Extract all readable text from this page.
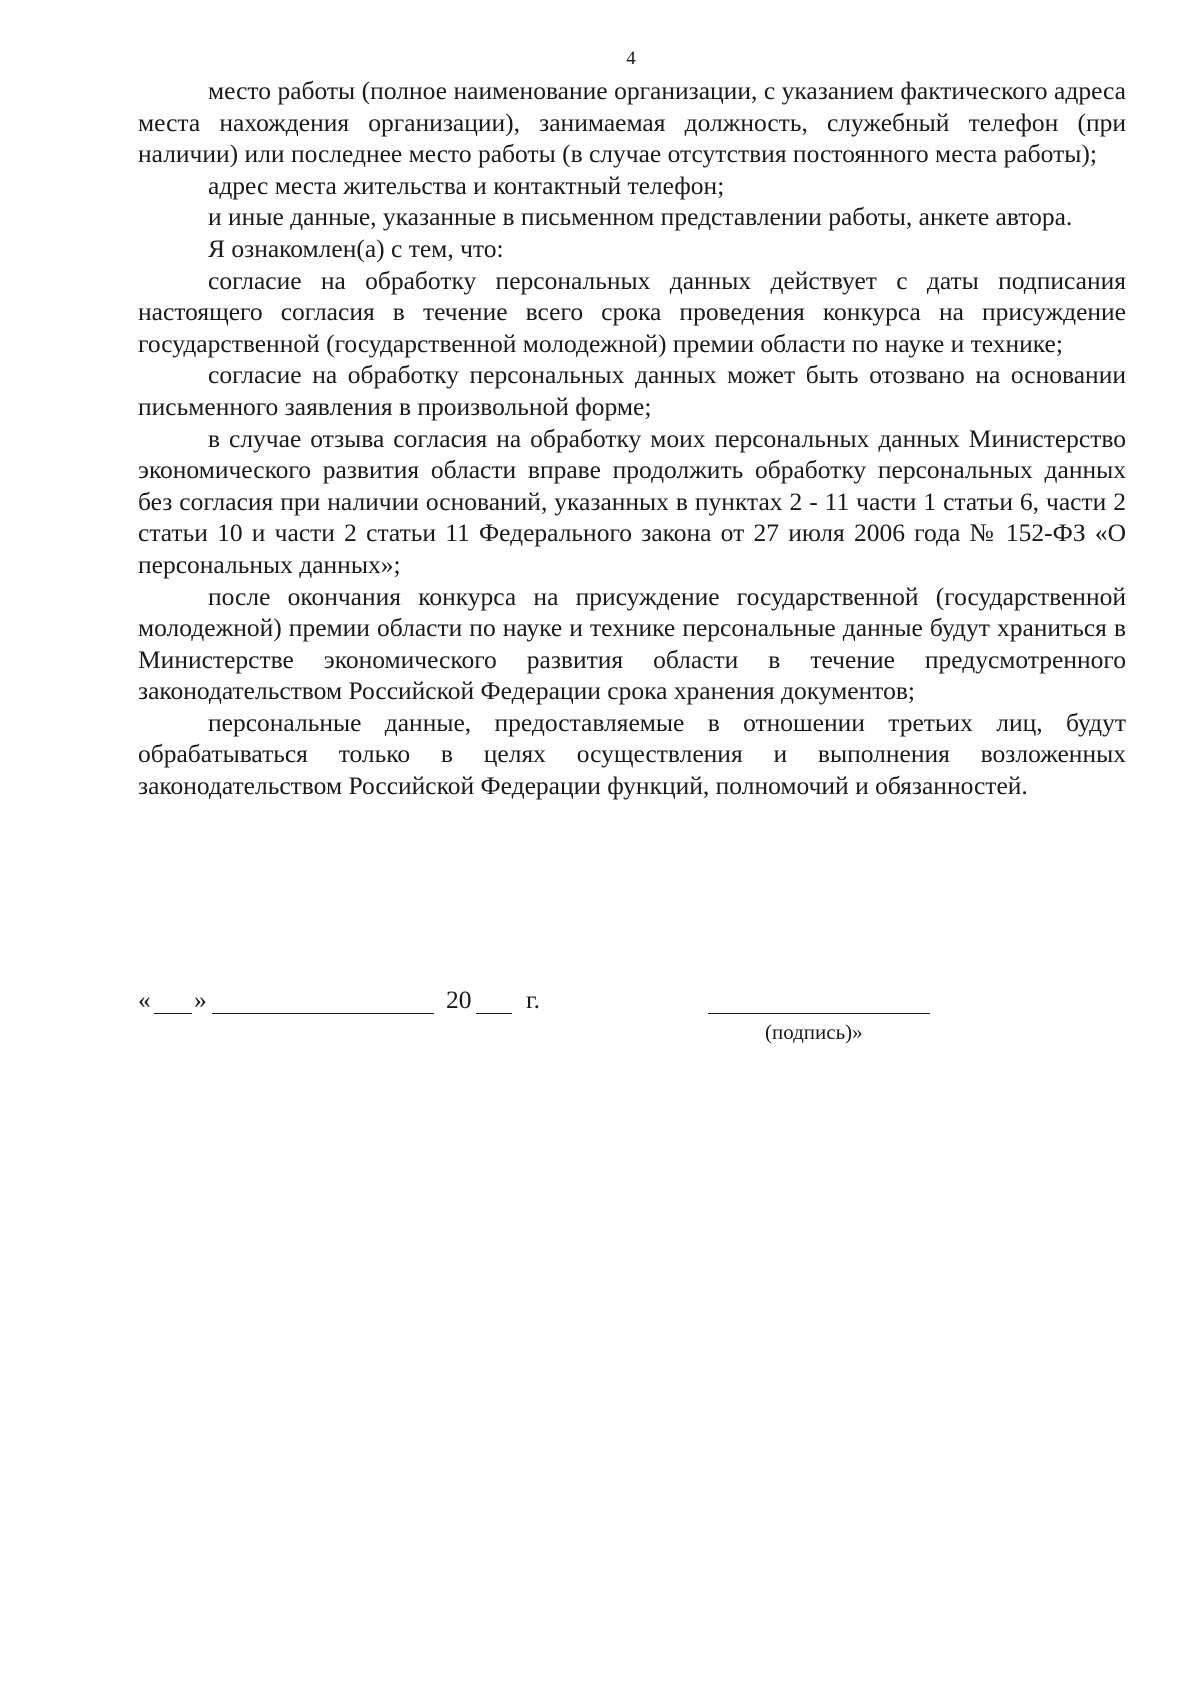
4

место работы (полное наименование организации, с указанием фактического адреса места нахождения организации), занимаемая должность, служебный телефон (при наличии) или последнее место работы (в случае отсутствия постоянного места работы);

адрес места жительства и контактный телефон;

и иные данные, указанные в письменном представлении работы, анкете автора.

Я ознакомлен(а) с тем, что:

согласие на обработку персональных данных действует с даты подписания настоящего согласия в течение всего срока проведения конкурса на присуждение государственной (государственной молодежной) премии области по науке и технике;

согласие на обработку персональных данных может быть отозвано на основании письменного заявления в произвольной форме;

в случае отзыва согласия на обработку моих персональных данных Министерство экономического развития области вправе продолжить обработку персональных данных без согласия при наличии оснований, указанных в пунктах 2 - 11 части 1 статьи 6, части 2 статьи 10 и части 2 статьи 11 Федерального закона от 27 июля 2006 года № 152-ФЗ «О персональных данных»;

после окончания конкурса на присуждение государственной (государственной молодежной) премии области по науке и технике персональные данные будут храниться в Министерстве экономического развития области в течение предусмотренного законодательством Российской Федерации срока хранения документов;

персональные данные, предоставляемые в отношении третьих лиц, будут обрабатываться только в целях осуществления и выполнения возложенных законодательством Российской Федерации функций, полномочий и обязанностей.

« »	20 г.
(подпись)»
